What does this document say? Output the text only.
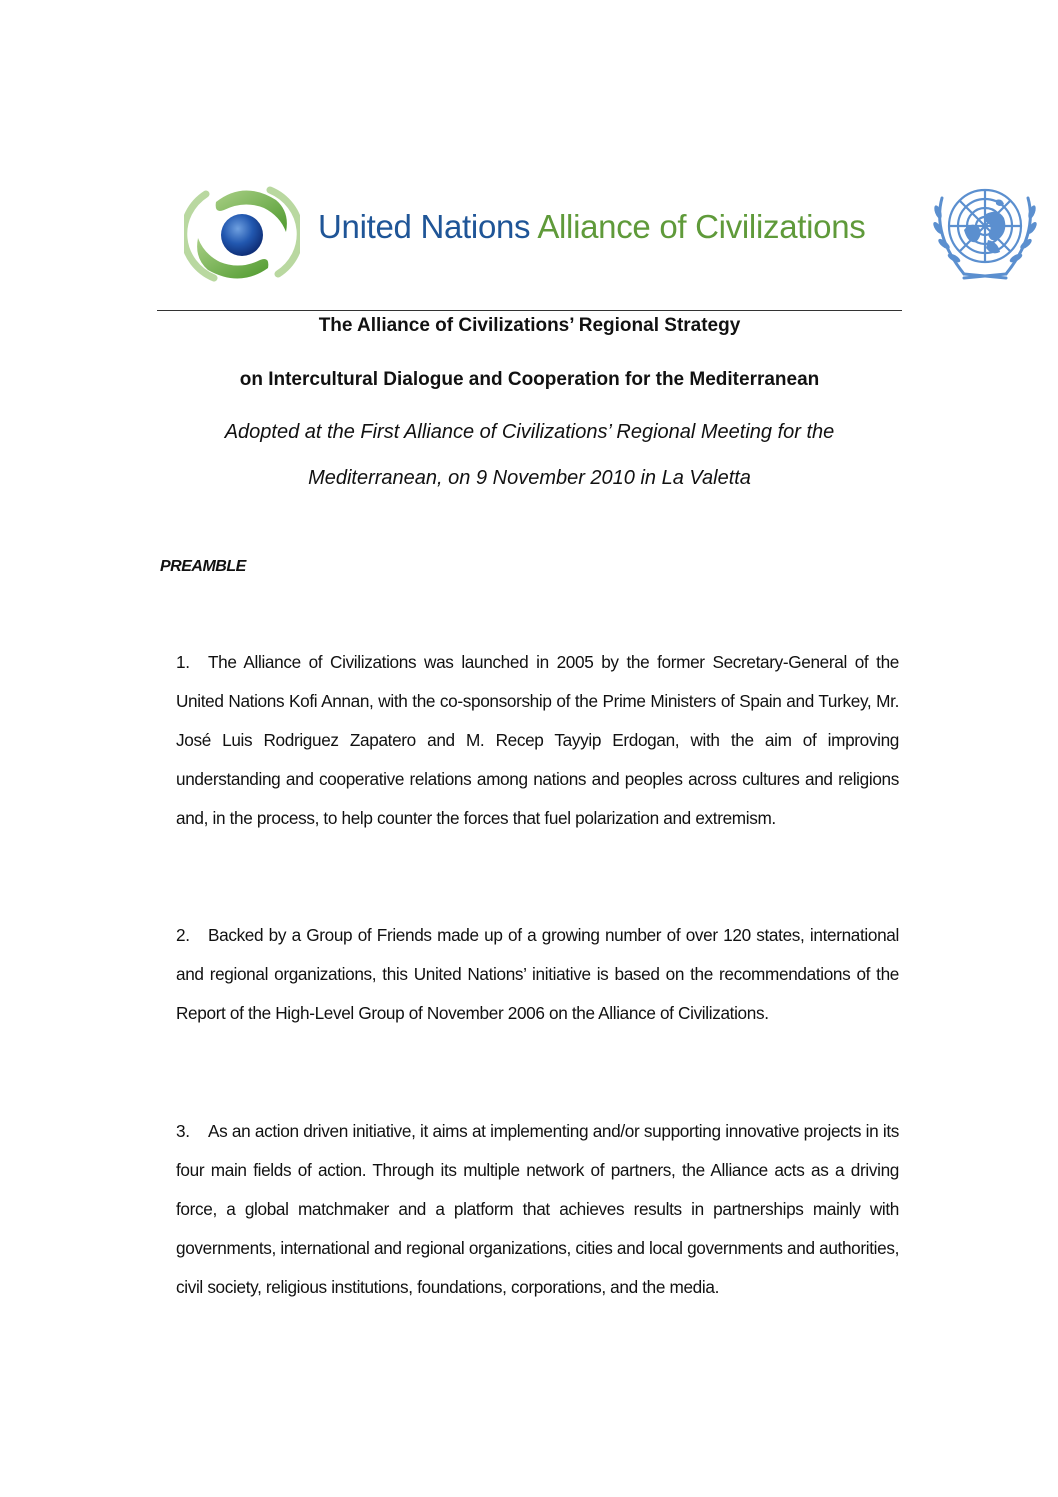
United Nations Alliance of Civilizations
The Alliance of Civilizations’ Regional Strategy
on Intercultural Dialogue and Cooperation for the Mediterranean
Adopted at the First Alliance of Civilizations’ Regional Meeting for the
Mediterranean, on 9 November 2010 in La Valetta
PREAMBLE
1. The Alliance of Civilizations was launched in 2005 by the former Secretary-General of the United Nations Kofi Annan, with the co-sponsorship of the Prime Ministers of Spain and Turkey, Mr. José Luis Rodriguez Zapatero and M. Recep Tayyip Erdogan, with the aim of improving understanding and cooperative relations among nations and peoples across cultures and religions and, in the process, to help counter the forces that fuel polarization and extremism.
2. Backed by a Group of Friends made up of a growing number of over 120 states, international and regional organizations, this United Nations’ initiative is based on the recommendations of the Report of the High-Level Group of November 2006 on the Alliance of Civilizations.
3. As an action driven initiative, it aims at implementing and/or supporting innovative projects in its four main fields of action. Through its multiple network of partners, the Alliance acts as a driving force, a global matchmaker and a platform that achieves results in partnerships mainly with governments, international and regional organizations, cities and local governments and authorities, civil society, religious institutions, foundations, corporations, and the media.
